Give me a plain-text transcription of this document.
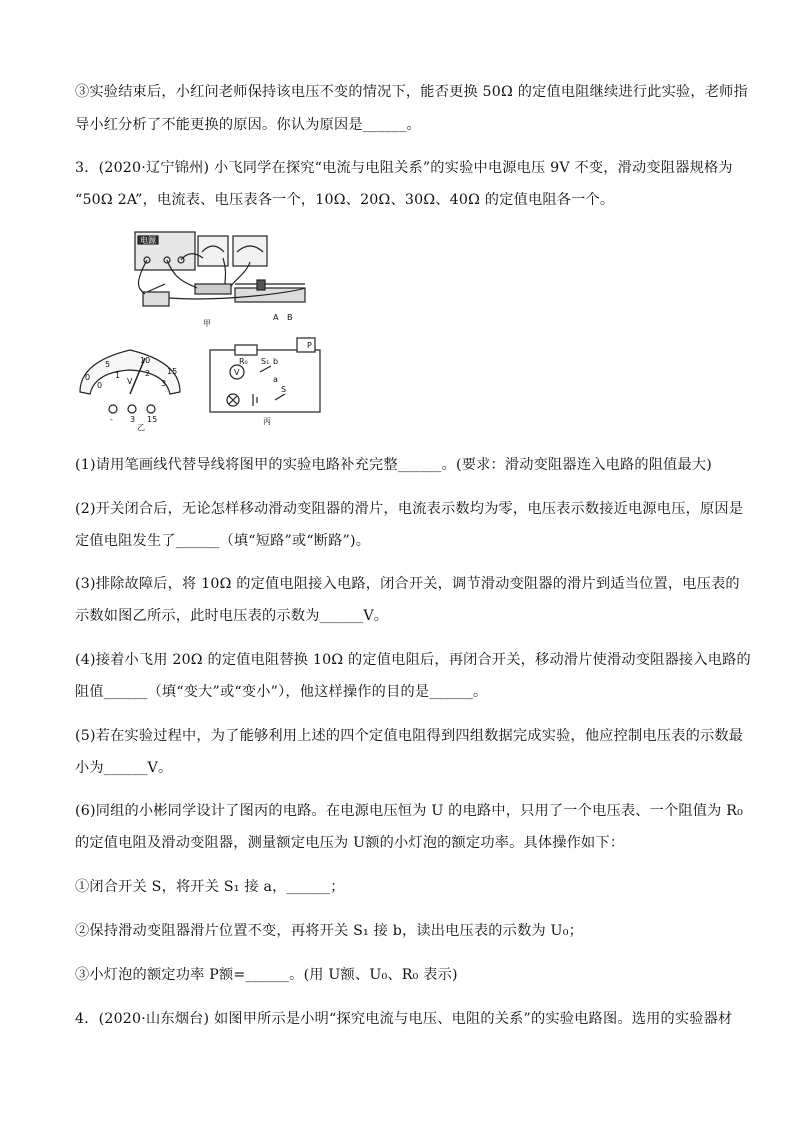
③实验结束后，小红问老师保持该电压不变的情况下，能否更换 50Ω 的定值电阻继续进行此实验，老师指
导小红分析了不能更换的原因。你认为原因是______。
3．(2020·辽宁锦州) 小飞同学在探究“电流与电阻关系”的实验中电源电压 9V 不变，滑动变阻器规格为
“50Ω 2A”，电流表、电压表各一个，10Ω、20Ω、30Ω、40Ω 的定值电阻各一个。
电源
A B
甲
0
5	10
15
0
1	2
3
V
- 3 15
乙
P
R₀
V
b
a
S₁
S
丙
(1)请用笔画线代替导线将图甲的实验电路补充完整______。(要求：滑动变阻器连入电路的阻值最大)
(2)开关闭合后，无论怎样移动滑动变阻器的滑片，电流表示数均为零，电压表示数接近电源电压，原因是
定值电阻发生了______（填“短路”或“断路”)。
(3)排除故障后，将 10Ω 的定值电阻接入电路，闭合开关，调节滑动变阻器的滑片到适当位置，电压表的
示数如图乙所示，此时电压表的示数为______V。
(4)接着小飞用 20Ω 的定值电阻替换 10Ω 的定值电阻后，再闭合开关，移动滑片使滑动变阻器接入电路的
阻值______（填“变大”或“变小”），他这样操作的目的是______。
(5)若在实验过程中，为了能够利用上述的四个定值电阻得到四组数据完成实验，他应控制电压表的示数最
小为______V。
(6)同组的小彬同学设计了图丙的电路。在电源电压恒为 U 的电路中，只用了一个电压表、一个阻值为 R₀
的定值电阻及滑动变阻器，测量额定电压为 U额的小灯泡的额定功率。具体操作如下：
①闭合开关 S，将开关 S₁ 接 a，______；
②保持滑动变阻器滑片位置不变，再将开关 S₁ 接 b，读出电压表的示数为 U₀；
③小灯泡的额定功率 P额=______。(用 U额、U₀、R₀ 表示)
4．(2020·山东烟台) 如图甲所示是小明“探究电流与电压、电阻的关系”的实验电路图。选用的实验器材
